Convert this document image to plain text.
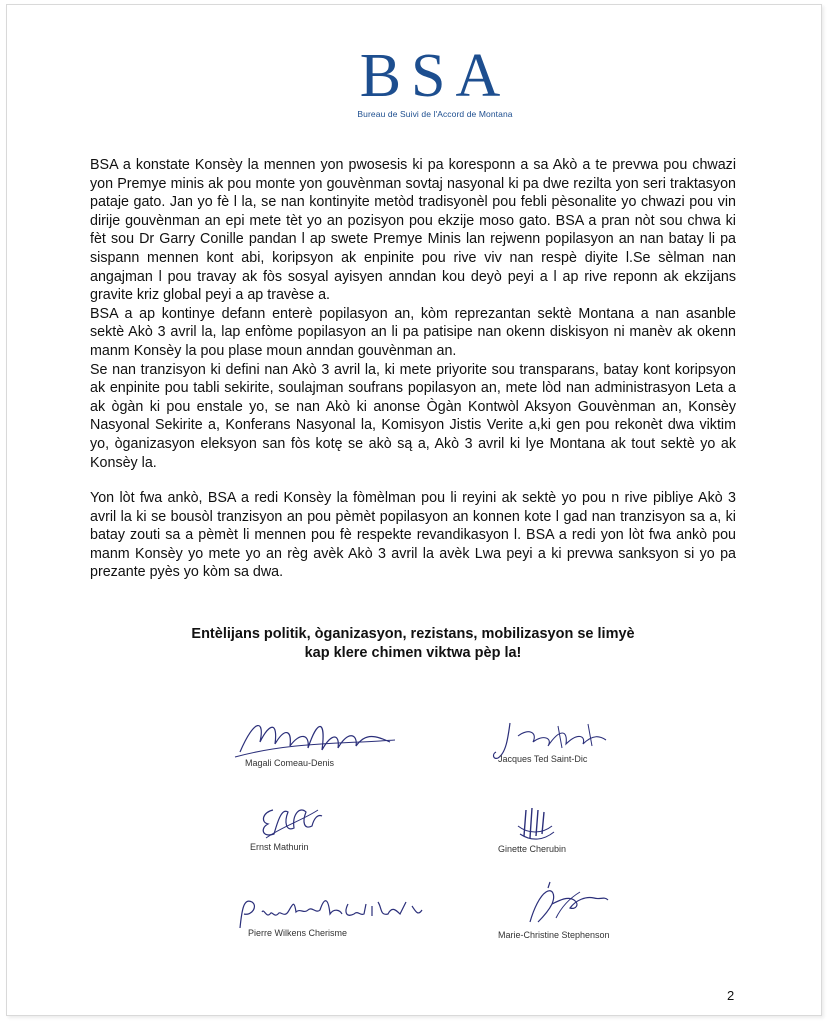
BSA
Bureau de Suivi de l'Accord de Montana

BSA a konstate Konsèy la mennen yon pwosesis ki pa koresponn a sa Akò a te prevwa pou chwazi yon Premye minis ak pou monte yon gouvènman sovtaj nasyonal ki pa dwe rezilta yon seri traktasyon pataje gato. Jan yo fè l la, se nan kontinyite metòd tradisyonèl pou febli pèsonalite yo chwazi pou vin dirije gouvènman an epi mete tèt yo an pozisyon pou ekzije moso gato. BSA a pran nòt sou chwa ki fèt sou Dr Garry Conille pandan l ap swete Premye Minis lan rejwenn popilasyon an nan batay li pa sispann mennen kont abi, koripsyon ak enpinite pou rive viv nan respè diyite l.Se sèlman nan angajman l pou travay ak fòs sosyal ayisyen anndan kou deyò peyi a l ap rive reponn ak ekzijans gravite kriz global peyi a ap travèse a.

BSA a ap kontinye defann enterè popilasyon an, kòm reprezantan sektè Montana a nan asanble sektè Akò 3 avril la, lap enfòme popilasyon an li pa patisipe nan okenn diskisyon ni manèv ak okenn manm Konsèy la pou plase moun anndan gouvènman an.

Se nan tranzisyon ki defini nan Akò 3 avril la, ki mete priyorite sou transparans, batay kont koripsyon ak enpinite pou tabli sekirite, soulajman soufrans popilasyon an, mete lòd nan administrasyon Leta a ak ògàn ki pou enstale yo, se nan Akò ki anonse Ògàn Kontwòl Aksyon Gouvènman an, Konsèy Nasyonal Sekirite a, Konferans Nasyonal la, Komisyon Jistis Verite a,ki gen pou rekonèt dwa viktim yo, òganizasyon eleksyon san fòs kotę se akò są a, Akò 3 avril ki lye Montana ak tout sektè yo ak Konsèy la.

Yon lòt fwa ankò, BSA a redi Konsèy la fòmèlman pou li reyini ak sektè yo pou n rive pibliye Akò 3 avril la ki se bousòl tranzisyon an pou pèmèt popilasyon an konnen kote l gad nan tranzisyon sa a, ki batay zouti sa a pèmèt li mennen pou fè respekte revandikasyon l. BSA a redi yon lòt fwa ankò pou manm Konsèy yo mete yo an règ avèk Akò 3 avril la avèk Lwa peyi a ki prevwa sanksyon si yo pa prezante pyès yo kòm sa dwa.

Entèlijans politik, òganizasyon, rezistans, mobilizasyon se limyè
kap klere chimen viktwa pèp la!
Magali Comeau-Denis	Jacques Ted Saint-Dic
Ernst Mathurin	Ginette Cherubin
Pierre Wilkens Cherisme	Marie-Christine Stephenson
2
